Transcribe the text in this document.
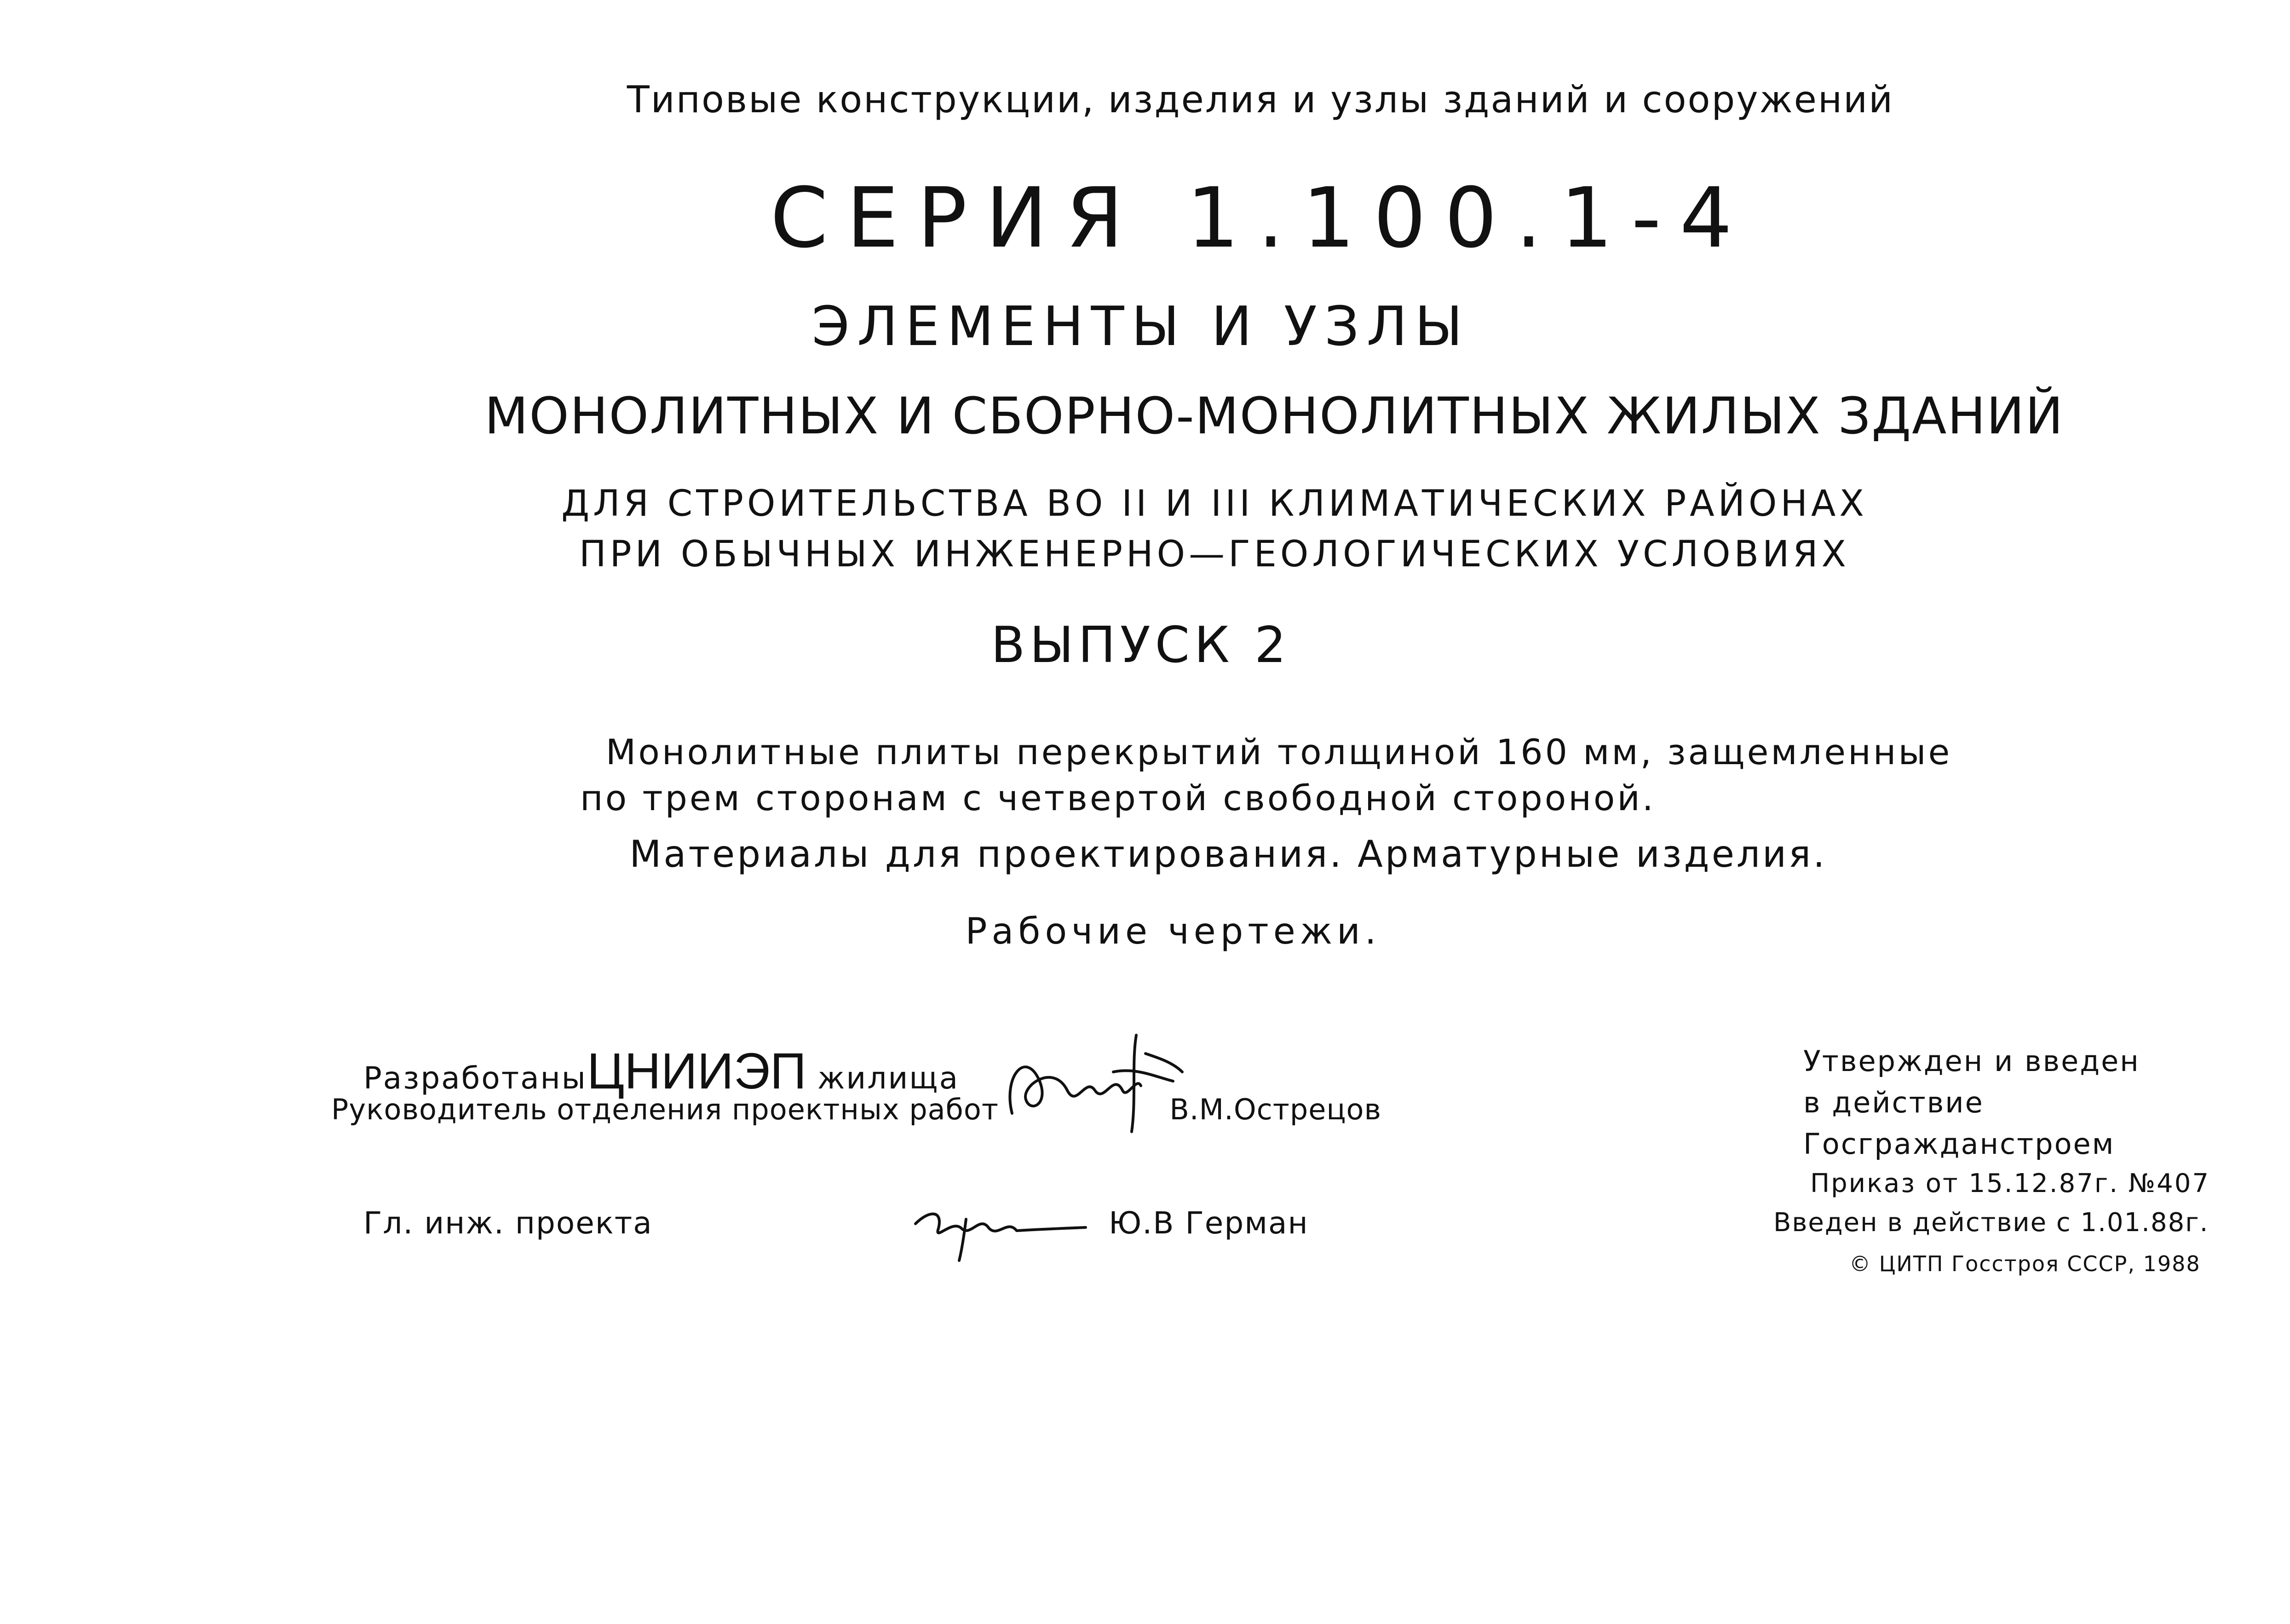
Типовые конструкции, изделия и узлы зданий и сооружений
СЕРИЯ 1.100.1-4
ЭЛЕМЕНТЫ И УЗЛЫ
МОНОЛИТНЫХ И СБОРНО-МОНОЛИТНЫХ ЖИЛЫХ ЗДАНИЙ
ДЛЯ СТРОИТЕЛЬСТВА ВО II И III КЛИМАТИЧЕСКИХ РАЙОНАХ
ПРИ ОБЫЧНЫХ ИНЖЕНЕРНО—ГЕОЛОГИЧЕСКИХ УСЛОВИЯХ
ВЫПУСК 2
Монолитные плиты перекрытий толщиной 160 мм, защемленные
по трем сторонам с четвертой свободной стороной.
Материалы для проектирования. Арматурные изделия.
Рабочие чертежи.
РазработаныЦНИИЭП жилища
Руководитель отделения проектных работ	В.М.Острецов
Гл. инж. проекта	Ю.В Герман
Утвержден и введен
в действие
Госгражданстроем
Приказ от 15.12.87г. №407
Введен в действие с 1.01.88г.
© ЦИТП Госстроя СССР, 1988
